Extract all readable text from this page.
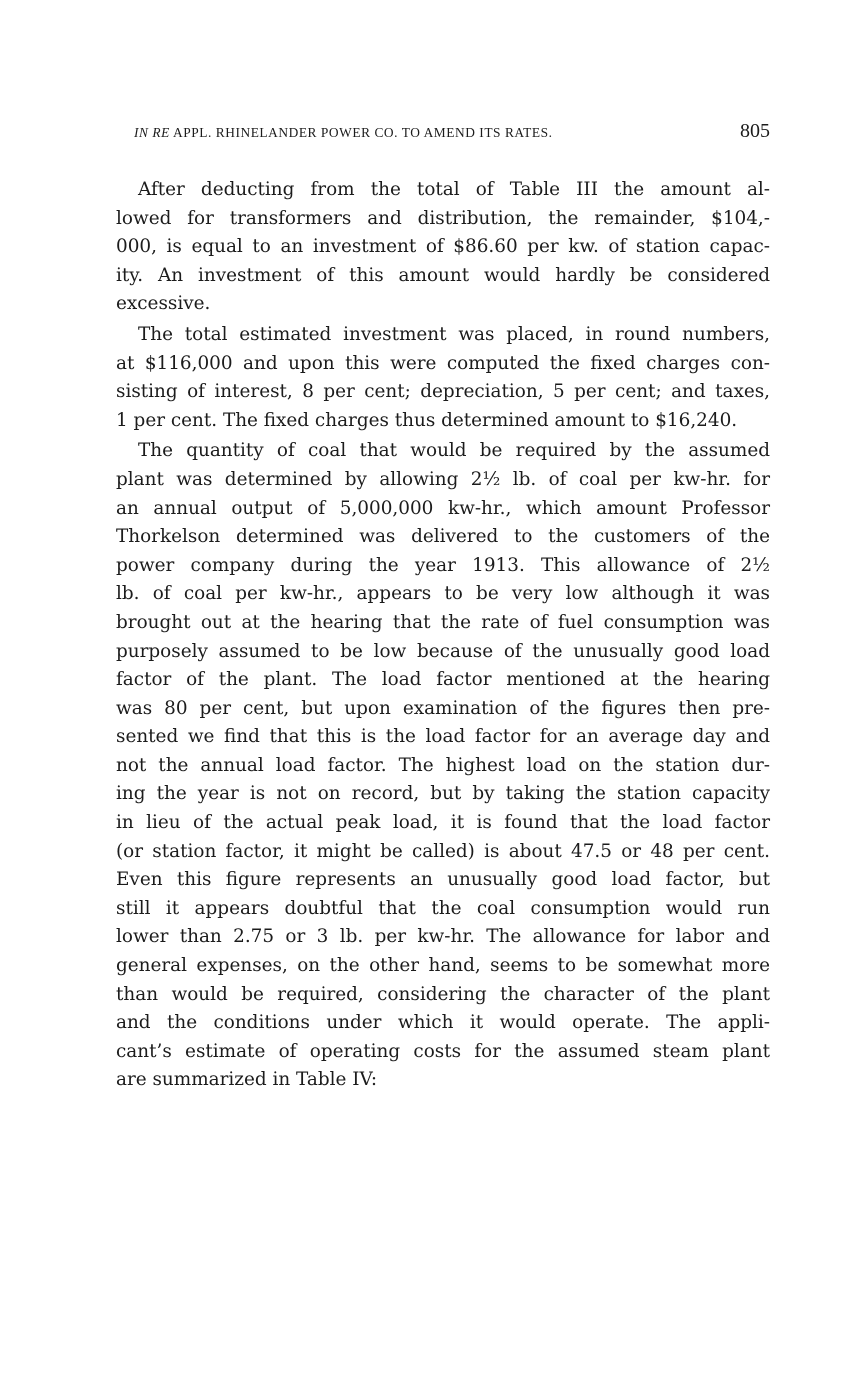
IN RE APPL. RHINELANDER POWER CO. TO AMEND ITS RATES.	805

After deducting from the total of Table III the amount al-
lowed for transformers and distribution, the remainder, $104,-
000, is equal to an investment of $86.60 per kw. of station capac-
ity. An investment of this amount would hardly be considered
excessive.

The total estimated investment was placed, in round numbers,
at $116,000 and upon this were computed the fixed charges con-
sisting of interest, 8 per cent; depreciation, 5 per cent; and taxes,
1 per cent. The fixed charges thus determined amount to $16,240.

The quantity of coal that would be required by the assumed
plant was determined by allowing 2½ lb. of coal per kw-hr. for
an annual output of 5,000,000 kw-hr., which amount Professor
Thorkelson determined was delivered to the customers of the
power company during the year 1913. This allowance of 2½
lb. of coal per kw-hr., appears to be very low although it was
brought out at the hearing that the rate of fuel consumption was
purposely assumed to be low because of the unusually good load
factor of the plant. The load factor mentioned at the hearing
was 80 per cent, but upon examination of the figures then pre-
sented we find that this is the load factor for an average day and
not the annual load factor. The highest load on the station dur-
ing the year is not on record, but by taking the station capacity
in lieu of the actual peak load, it is found that the load factor
(or station factor, it might be called) is about 47.5 or 48 per cent.
Even this figure represents an unusually good load factor, but
still it appears doubtful that the coal consumption would run
lower than 2.75 or 3 lb. per kw-hr. The allowance for labor and
general expenses, on the other hand, seems to be somewhat more
than would be required, considering the character of the plant
and the conditions under which it would operate. The appli-
cant’s estimate of operating costs for the assumed steam plant
are summarized in Table IV:
